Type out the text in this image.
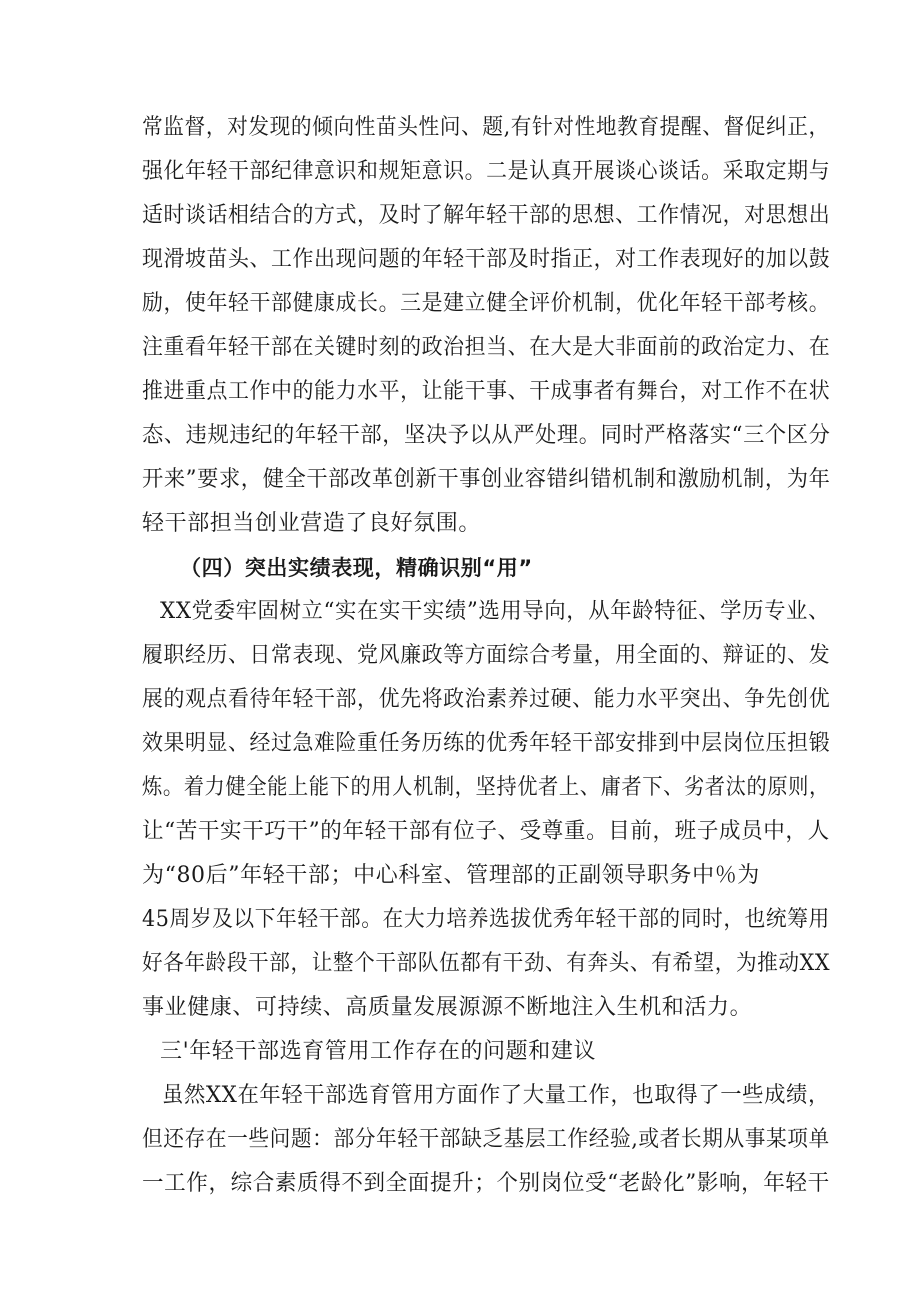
常监督，对发现的倾向性苗头性问、题,有针对性地教育提醒、督促纠正，
强化年轻干部纪律意识和规矩意识。二是认真开展谈心谈话。采取定期与
适时谈话相结合的方式，及时了解年轻干部的思想、工作情况，对思想出
现滑坡苗头、工作出现问题的年轻干部及时指正，对工作表现好的加以鼓
励，使年轻干部健康成长。三是建立健全评价机制，优化年轻干部考核。
注重看年轻干部在关键时刻的政治担当、在大是大非面前的政治定力、在
推进重点工作中的能力水平，让能干事、干成事者有舞台，对工作不在状
态、违规违纪的年轻干部，坚决予以从严处理。同时严格落实“三个区分
开来”要求，健全干部改革创新干事创业容错纠错机制和激励机制，为年
轻干部担当创业营造了良好氛围。
（四）突出实绩表现，精确识别“用”
XX党委牢固树立“实在实干实绩”选用导向，从年龄特征、学历专业、
履职经历、日常表现、党风廉政等方面综合考量，用全面的、辩证的、发
展的观点看待年轻干部，优先将政治素养过硬、能力水平突出、争先创优
效果明显、经过急难险重任务历练的优秀年轻干部安排到中层岗位压担锻
炼。着力健全能上能下的用人机制，坚持优者上、庸者下、劣者汰的原则，
让“苦干实干巧干”的年轻干部有位子、受尊重。目前，班子成员中，人
为“80后”年轻干部；中心科室、管理部的正副领导职务中％为
45周岁及以下年轻干部。在大力培养选拔优秀年轻干部的同时，也统筹用
好各年龄段干部，让整个干部队伍都有干劲、有奔头、有希望，为推动XX
事业健康、可持续、高质量发展源源不断地注入生机和活力。
三'年轻干部选育管用工作存在的问题和建议
虽然XX在年轻干部选育管用方面作了大量工作，也取得了一些成绩，
但还存在一些问题：部分年轻干部缺乏基层工作经验,或者长期从事某项单
一工作，综合素质得不到全面提升；个别岗位受“老龄化”影响，年轻干
